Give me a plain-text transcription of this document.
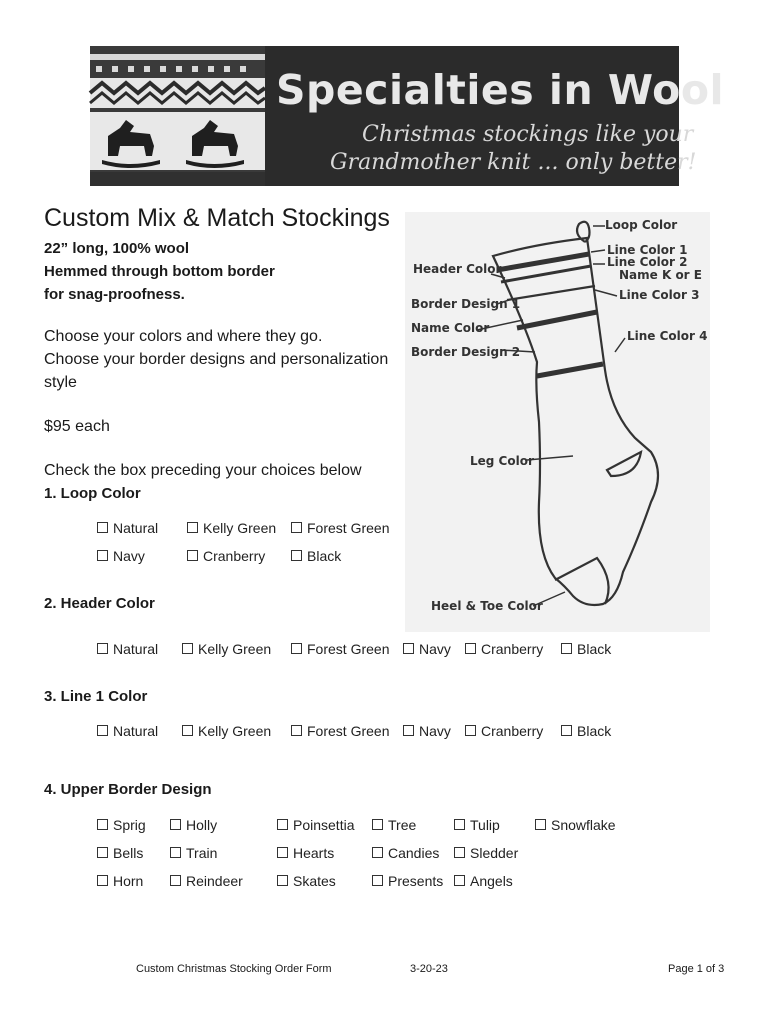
Specialties in Wool
Christmas stockings like your
Grandmother knit ... only better!
Custom Mix & Match Stockings
22” long, 100% wool
Hemmed through bottom border
for snag-proofness.
Choose your colors and where they go.
Choose your border designs and personalization
style
$95 each
Check the box preceding your choices below
1. Loop Color
Natural	Kelly Green	Forest Green
Navy	Cranberry	Black
2. Header Color
Natural	Kelly Green	Forest Green	Navy	Cranberry	Black
3. Line 1 Color
Natural	Kelly Green	Forest Green	Navy	Cranberry	Black
4. Upper Border Design
Sprig	Holly	Poinsettia	Tree	Tulip	Snowflake
Bells	Train	Hearts	Candies	Sledder
Horn	Reindeer	Skates	Presents	Angels
Loop Color
Line Color 1
Line Color 2
Name K or E
Line Color 3
Line Color 4
Header Color
Border Design 1
Name Color
Border Design 2
Leg Color
Heel & Toe Color
Custom Christmas Stocking Order Form	3-20-23	Page 1 of 3
